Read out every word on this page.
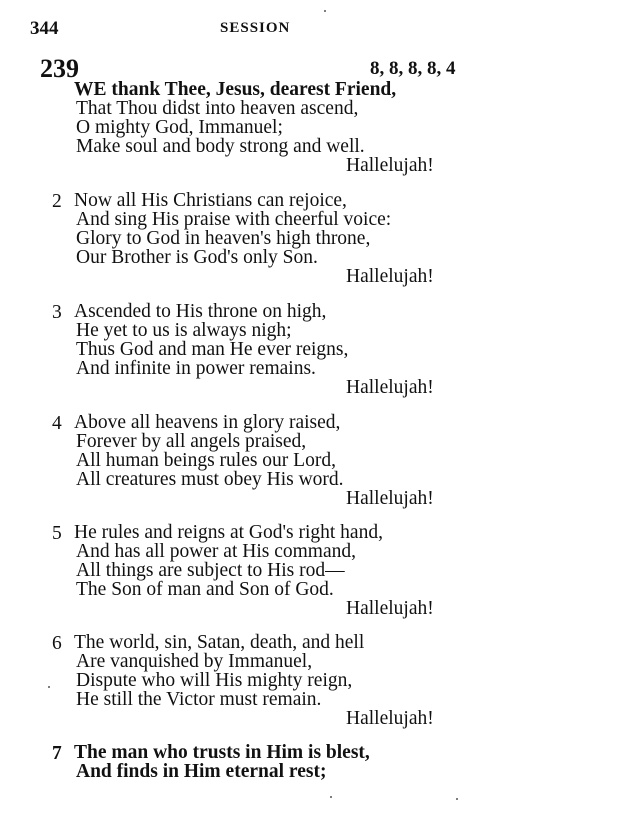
344	SESSION
239	8, 8, 8, 8, 4
WE thank Thee, Jesus, dearest Friend,
That Thou didst into heaven ascend,
O mighty God, Immanuel;
Make soul and body strong and well.
Hallelujah!
2 Now all His Christians can rejoice,
And sing His praise with cheerful voice:
Glory to God in heaven's high throne,
Our Brother is God's only Son.
Hallelujah!
3 Ascended to His throne on high,
He yet to us is always nigh;
Thus God and man He ever reigns,
And infinite in power remains.
Hallelujah!
4 Above all heavens in glory raised,
Forever by all angels praised,
All human beings rules our Lord,
All creatures must obey His word.
Hallelujah!
5 He rules and reigns at God's right hand,
And has all power at His command,
All things are subject to His rod—
The Son of man and Son of God.
Hallelujah!
6 The world, sin, Satan, death, and hell
Are vanquished by Immanuel,
Dispute who will His mighty reign,
He still the Victor must remain.
Hallelujah!
7 The man who trusts in Him is blest,
And finds in Him eternal rest;
